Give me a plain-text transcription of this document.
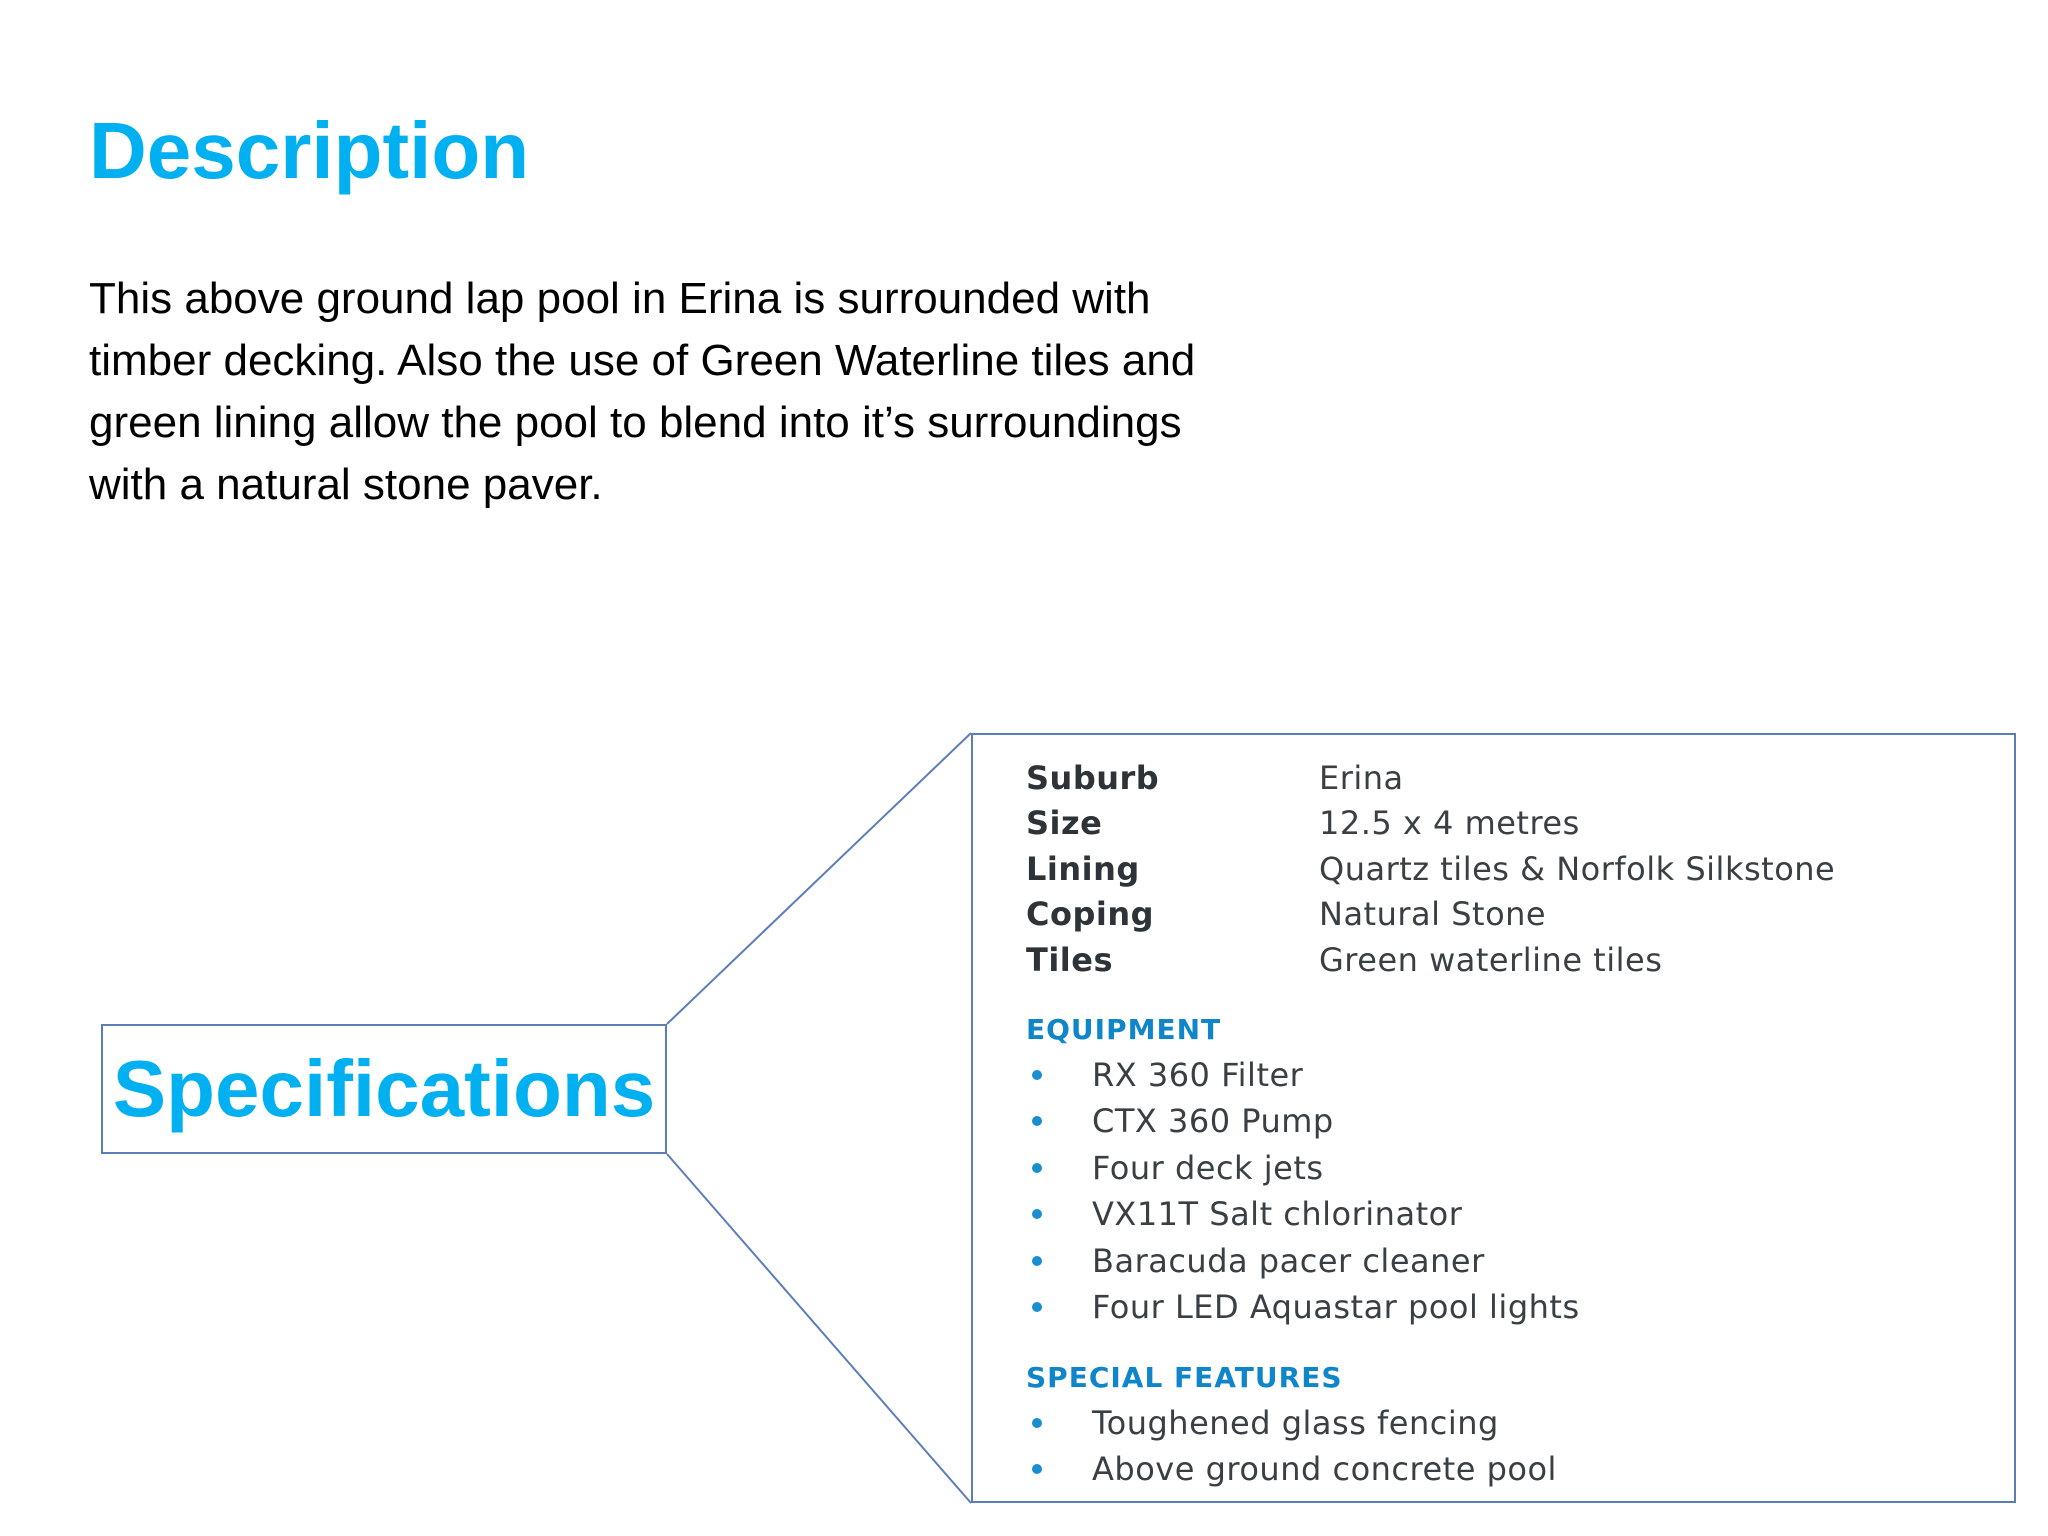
Description

This above ground lap pool in Erina is surrounded with timber decking. Also the use of Green Waterline tiles and green lining allow the pool to blend into it’s surroundings with a natural stone paver.

Specifications
Suburb	Erina
Size	12.5 x 4 metres
Lining	Quartz tiles & Norfolk Silkstone
Coping	Natural Stone
Tiles	Green waterline tiles
EQUIPMENT
RX 360 Filter
CTX 360 Pump
Four deck jets
VX11T Salt chlorinator
Baracuda pacer cleaner
Four LED Aquastar pool lights
SPECIAL FEATURES
Toughened glass fencing
Above ground concrete pool
